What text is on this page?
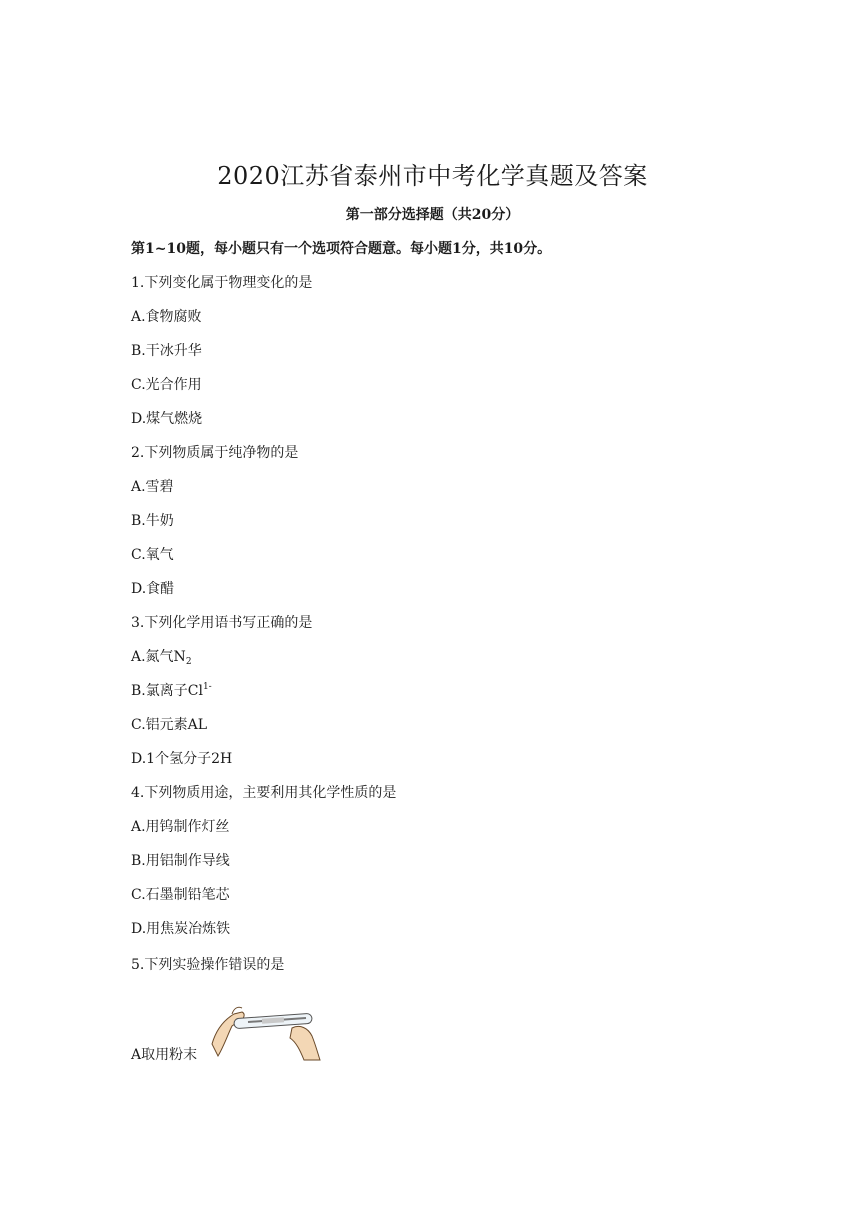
2020江苏省泰州市中考化学真题及答案
第一部分选择题（共20分）
第1~10题，每小题只有一个选项符合题意。每小题1分，共10分。
1.下列变化属于物理变化的是
A.食物腐败
B.干冰升华
C.光合作用
D.煤气燃烧
2.下列物质属于纯净物的是
A.雪碧
B.牛奶
C.氧气
D.食醋
3.下列化学用语书写正确的是
A.氮气$N_2$
B.氯离子$Cl^{1-}$
C.铝元素AL
D.1个氢分子2H
4.下列物质用途，主要利用其化学性质的是
A.用钨制作灯丝
B.用铝制作导线
C.石墨制铅笔芯
D.用焦炭冶炼铁
5.下列实验操作错误的是
A取用粉末
